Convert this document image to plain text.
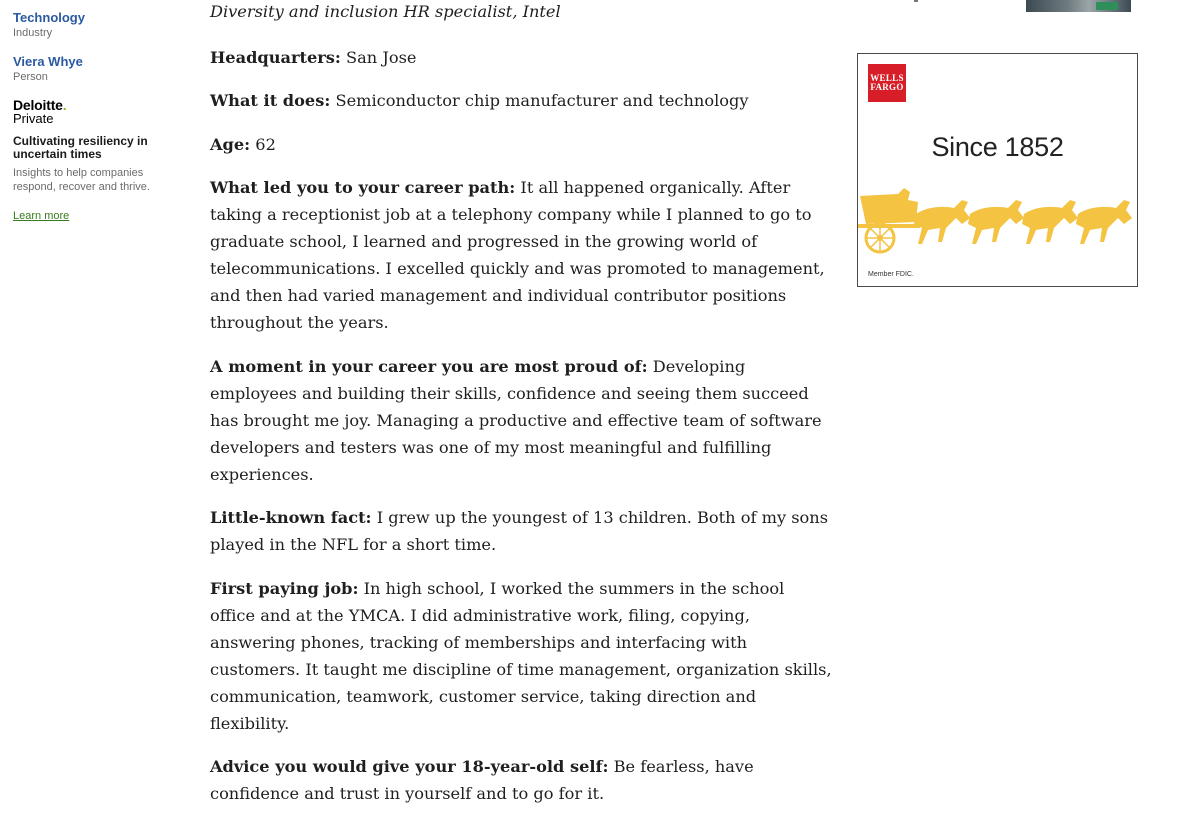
Technology
Industry
Viera Whye
Person
Deloitte.
Private
Cultivating resiliency in uncertain times
Insights to help companies respond, recover and thrive.
Learn more

Diversity and inclusion HR specialist, Intel

Headquarters: San Jose

What it does: Semiconductor chip manufacturer and technology

Age: 62

What led you to your career path: It all happened organically. After taking a receptionist job at a telephony company while I planned to go to graduate school, I learned and progressed in the growing world of telecommunications. I excelled quickly and was promoted to management, and then had varied management and individual contributor positions throughout the years.

A moment in your career you are most proud of: Developing employees and building their skills, confidence and seeing them succeed has brought me joy. Managing a productive and effective team of software developers and testers was one of my most meaningful and fulfilling experiences.

Little-known fact: I grew up the youngest of 13 children. Both of my sons played in the NFL for a short time.

First paying job: In high school, I worked the summers in the school office and at the YMCA. I did administrative work, filing, copying, answering phones, tracking of memberships and interfacing with customers. It taught me discipline of time management, organization skills, communication, teamwork, customer service, taking direction and flexibility.

Advice you would give your 18-year-old self: Be fearless, have confidence and trust in yourself and to go for it.

WELLS
FARGO
Since 1852
Member FDIC.
